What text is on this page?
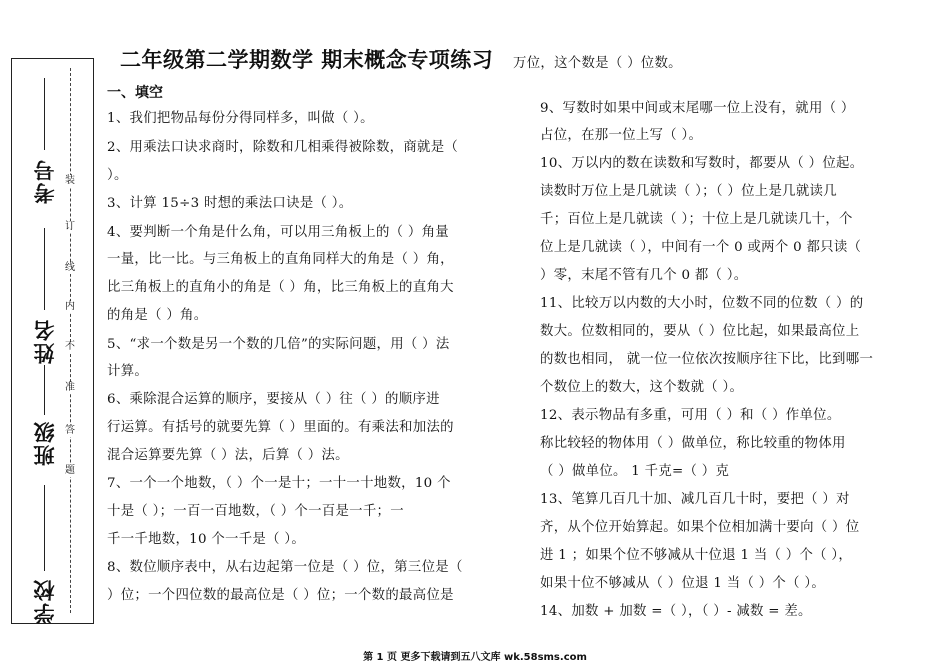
考号
姓名
班级
学校
装
订
线
内
不
准
答
题
二年级第二学期数学 期末概念专项练习
一、填空
1、我们把物品每份分得同样多，叫做（ ）。
2、用乘法口诀求商时，除数和几相乘得被除数，商就是（
）。
3、计算 15÷3 时想的乘法口诀是（ ）。
4、要判断一个角是什么角，可以用三角板上的（ ）角量
一量，比一比。与三角板上的直角同样大的角是（ ）角，
比三角板上的直角小的角是（ ）角，比三角板上的直角大
的角是（ ）角。
5、“求一个数是另一个数的几倍”的实际问题，用（ ）法
计算。
6、乘除混合运算的顺序，要接从（ ）往（ ）的顺序进
行运算。有括号的就要先算（ ）里面的。有乘法和加法的
混合运算要先算（ ）法，后算（ ）法。
7、一个一个地数，（ ）个一是十；一十一十地数，10 个
十是（ ）；一百一百地数，（ ）个一百是一千；一
千一千地数，10 个一千是（ ）。
8、数位顺序表中，从右边起第一位是（ ）位，第三位是（
）位；一个四位数的最高位是（ ）位；一个数的最高位是
万位，这个数是（ ）位数。
9、写数时如果中间或末尾哪一位上没有，就用（ ）
占位，在那一位上写（ ）。
10、万以内的数在读数和写数时，都要从（ ）位起。
读数时万位上是几就读（ ）；（ ）位上是几就读几
千；百位上是几就读（ ）；十位上是几就读几十，个
位上是几就读（ ），中间有一个 0 或两个 0 都只读（
）零，末尾不管有几个 0 都（ ）。
11、比较万以内数的大小时，位数不同的位数（ ）的
数大。位数相同的，要从（ ）位比起，如果最高位上
的数也相同， 就一位一位依次按顺序往下比，比到哪一
个数位上的数大，这个数就（ ）。
12、表示物品有多重，可用（ ）和（ ）作单位。
称比较轻的物体用（ ）做单位，称比较重的物体用
（ ）做单位。 1 千克=（ ）克
13、笔算几百几十加、减几百几十时，要把（ ）对
齐，从个位开始算起。如果个位相加满十要向（ ）位
进 1 ；如果个位不够减从十位退 1 当（ ）个（ ），
如果十位不够减从（ ）位退 1 当（ ）个（ ）。
14、加数 + 加数 =（ ），（ ）- 减数 = 差。
第 1 页 更多下载请到五八文库 wk.58sms.com
